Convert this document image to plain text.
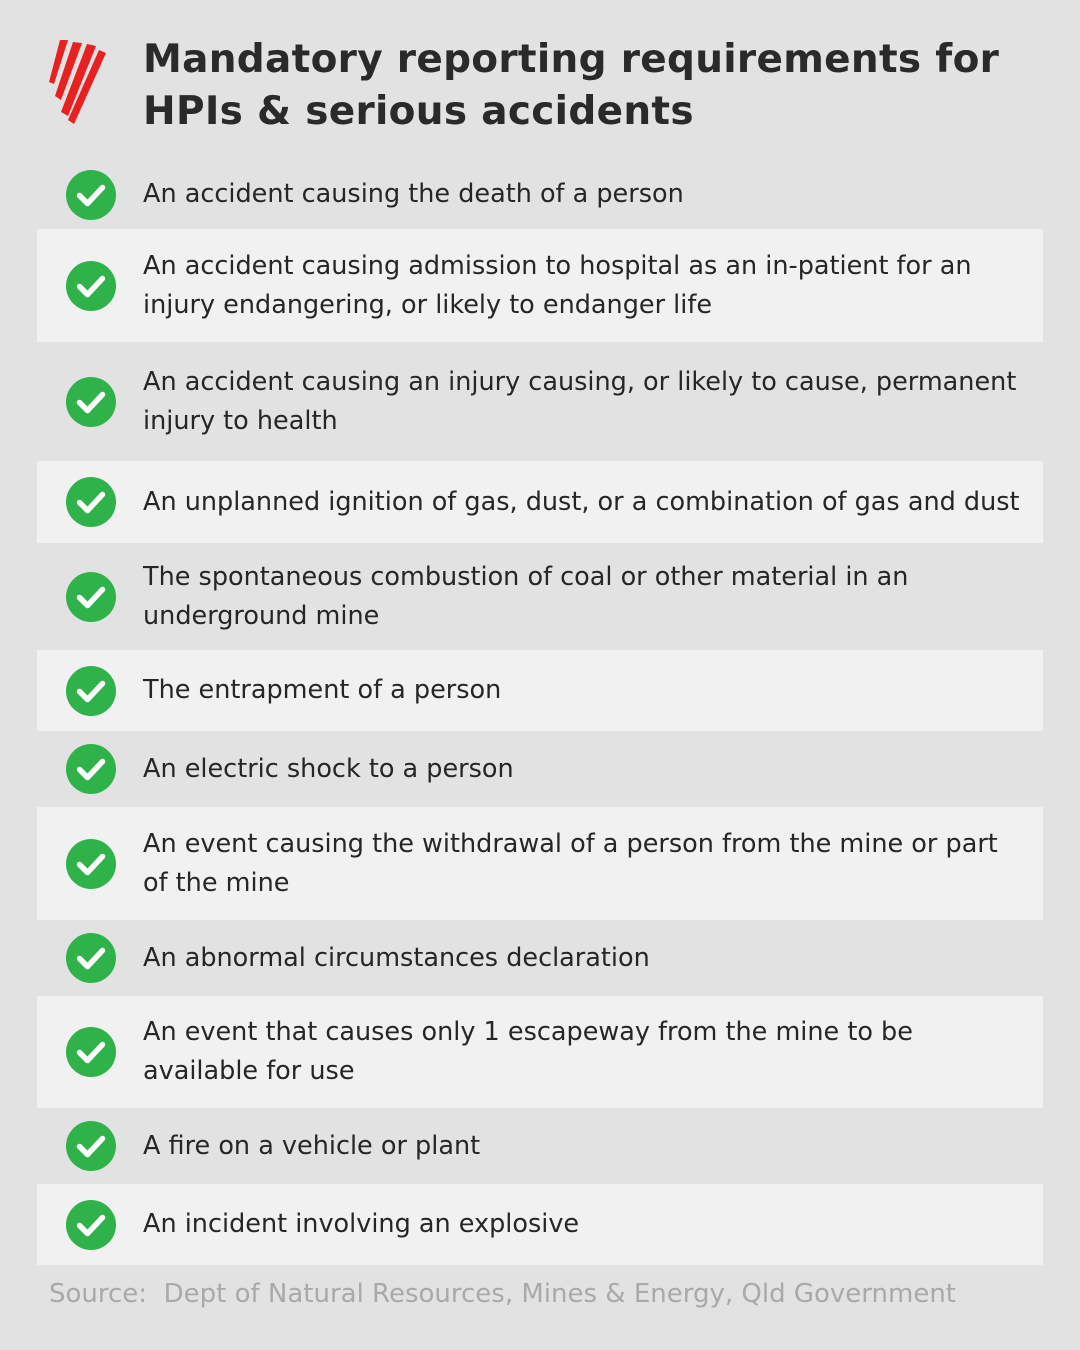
Mandatory reporting requirements for HPIs & serious accidents
An accident causing the death of a person
An accident causing admission to hospital as an in-patient for an injury endangering, or likely to endanger life
An accident causing an injury causing, or likely to cause, permanent injury to health
An unplanned ignition of gas, dust, or a combination of gas and dust
The spontaneous combustion of coal or other material in an underground mine
The entrapment of a person
An electric shock to a person
An event causing the withdrawal of a person from the mine or part of the mine
An abnormal circumstances declaration
An event that causes only 1 escapeway from the mine to be available for use
A fire on a vehicle or plant
An incident involving an explosive
Source:  Dept of Natural Resources, Mines & Energy, Qld Government
